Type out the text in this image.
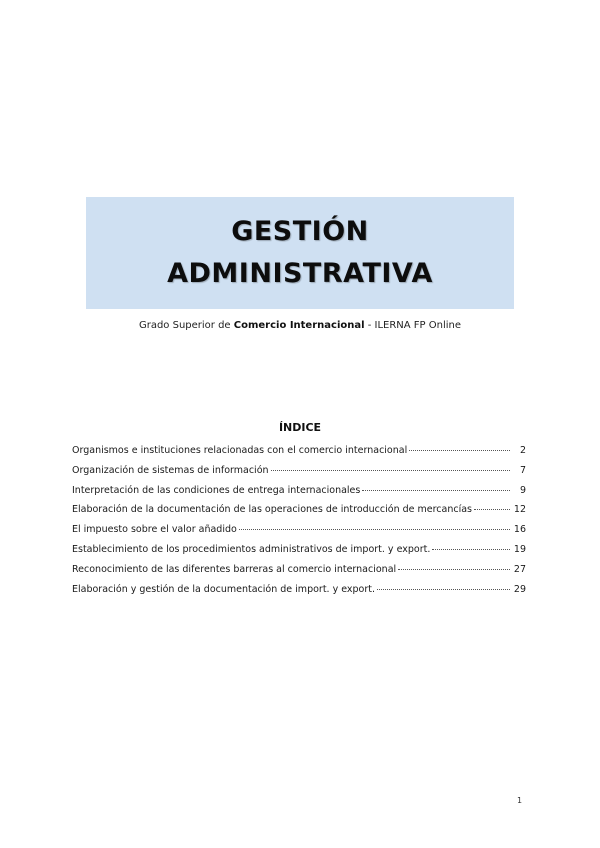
GESTIÓN
ADMINISTRATIVA
Grado Superior de Comercio Internacional - ILERNA FP Online
ÍNDICE
Organismos e instituciones relacionadas con el comercio internacional	2
Organización de sistemas de información	7
Interpretación de las condiciones de entrega internacionales	9
Elaboración de la documentación de las operaciones de introducción de mercancías	12
El impuesto sobre el valor añadido	16
Establecimiento de los procedimientos administrativos de import. y export.	19
Reconocimiento de las diferentes barreras al comercio internacional	27
Elaboración y gestión de la documentación de import. y export.	29
1
